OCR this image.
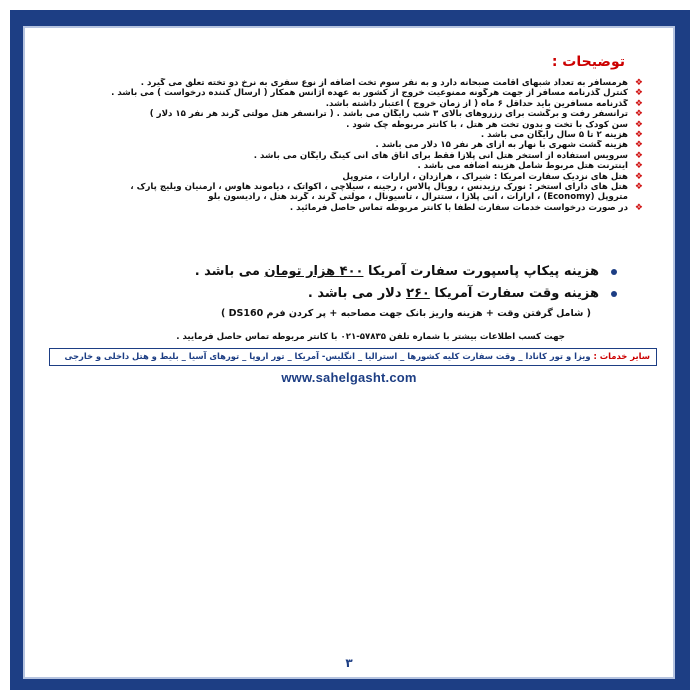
توضیحات :
❖
هرمسافر به تعداد شبهای اقامت صبحانه دارد و به نفر سوم تخت اضافه از نوع سفری به نرخ دو تخته تعلق می گیرد .
❖
کنترل گذرنامه مسافر از جهت هرگونه ممنوعیت خروج از کشور به عهده آژانس همکار ( ارسال کننده درخواست ) می باشد .
❖
گذرنامه مسافرین باید حداقل ۶ ماه ( از زمان خروج ) اعتبار داشته باشد.
❖
ترانسفر رفت و برگشت برای رزروهای بالای ۳ شب رایگان می باشد . ( ترانسفر هتل مولتی گرند هر نفر ۱۵ دلار )
❖
سن کودک با تخت و بدون تخت هر هتل ، با کانتر مربوطه چک شود .
❖
هزینه ۲ تا ۵ سال رایگان می باشد .
❖
هزینه گشت شهری با نهار به ازای هر نفر ۱۵ دلار می باشد .
❖
سرویس استفاده از استخر هتل آنی پلازا فقط برای اتاق های آنی کینگ رایگان می باشد .
❖
اینترنت هتل مربوط شامل هزینه اضافه می باشد .
❖
هتل های نزدیک سفارت آمریکا : شیراک ، هرازدان ، آرارات ، متروپل
❖
هتل های دارای استخر : نورک رزیدنس ، رویال پالاس ، رجینه ، سیلاچی ، آکواتک ، دیاموند هاوس ، آرمنیان ویلیج پارک ،
متروپل (Economy) ، آرارات ، آنی پلازا ، ستترال ، تاسیونال ، مولتی گرند ، گرند هتل ، رادیسون بلو
❖
در صورت درخواست خدمات سفارت لطفا با کانتر مربوطه تماس حاصل فرمائید .

هزینه پیکاپ پاسپورت سفارت آمریکا ۴۰۰ هزار تومان می باشد .

هزینه وقت سفارت آمریکا ۲۶۰ دلار می باشد .

( شامل گرفتن وقت + هزینه واریز بانک جهت مصاحبه + پر کردن فرم DS160 )

جهت کسب اطلاعات بیشتر با شماره تلفن ۵۷۸۳۵-۰۲۱ با کانتر مربوطه تماس حاصل فرمایید .

سایر خدمات : ویزا و تور کانادا _ وقت سفارت کلیه کشورها _ استرالیا _ انگلیس- آمریکا _ تور اروپا _ تورهای آسیا _ بلیط و هتل داخلی و خارجی
www.sahelgasht.com
۳
